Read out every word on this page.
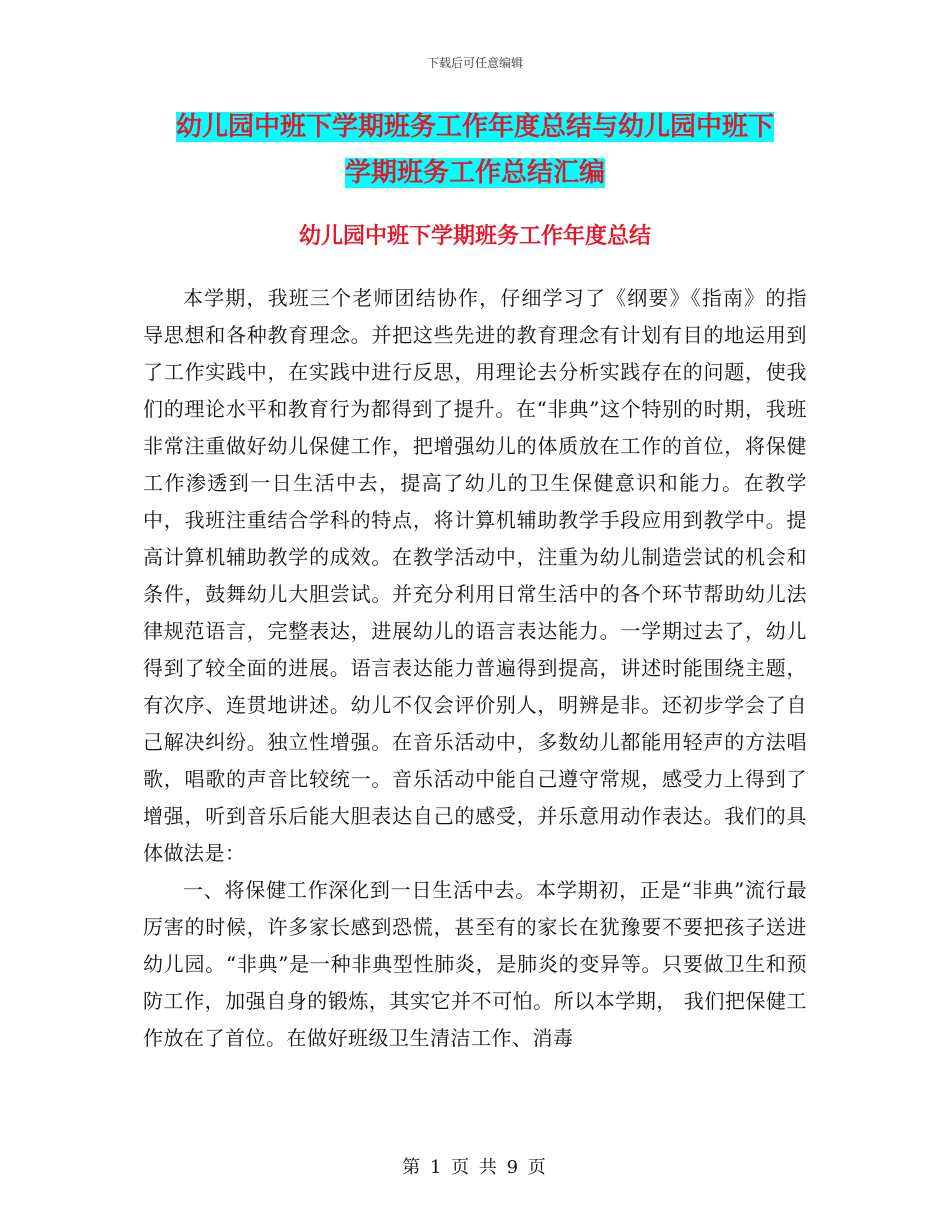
下载后可任意编辑
幼儿园中班下学期班务工作年度总结与幼儿园中班下
学期班务工作总结汇编
幼儿园中班下学期班务工作年度总结

本学期，我班三个老师团结协作，仔细学习了《纲要》《指南》的指导思想和各种教育理念。并把这些先进的教育理念有计划有目的地运用到了工作实践中，在实践中进行反思，用理论去分析实践存在的问题，使我们的理论水平和教育行为都得到了提升。在“非典”这个特别的时期，我班非常注重做好幼儿保健工作，把增强幼儿的体质放在工作的首位，将保健工作渗透到一日生活中去，提高了幼儿的卫生保健意识和能力。在教学中，我班注重结合学科的特点，将计算机辅助教学手段应用到教学中。提高计算机辅助教学的成效。在教学活动中，注重为幼儿制造尝试的机会和条件，鼓舞幼儿大胆尝试。并充分利用日常生活中的各个环节帮助幼儿法律规范语言，完整表达，进展幼儿的语言表达能力。一学期过去了，幼儿得到了较全面的进展。语言表达能力普遍得到提高，讲述时能围绕主题，有次序、连贯地讲述。幼儿不仅会评价别人，明辨是非。还初步学会了自己解决纠纷。独立性增强。在音乐活动中，多数幼儿都能用轻声的方法唱歌，唱歌的声音比较统一。音乐活动中能自己遵守常规，感受力上得到了增强，听到音乐后能大胆表达自己的感受，并乐意用动作表达。我们的具体做法是：

一、将保健工作深化到一日生活中去。本学期初，正是“非典”流行最厉害的时候，许多家长感到恐慌，甚至有的家长在犹豫要不要把孩子送进幼儿园。“非典”是一种非典型性肺炎，是肺炎的变异等。只要做卫生和预防工作，加强自身的锻炼，其实它并不可怕。所以本学期， 我们把保健工作放在了首位。在做好班级卫生清洁工作、消毒

第 1 页 共 9 页
